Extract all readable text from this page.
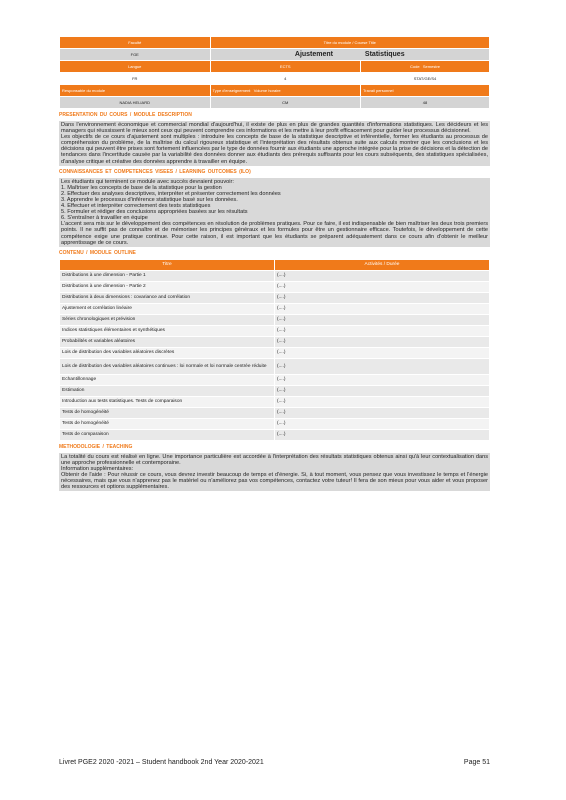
Faculté	Titre du module / Course Title	
FGE	Ajustement Statistiques	
Langue	ECTS	Code Semestre
FR	4	STAT/GE/S4
Responsable du module	Type d'enseignement Volume horaire	Travail personnel
NADIA HELIARD	CM	48
PRESENTATION DU COURS / MODULE DESCRIPTION

Dans l'environnement économique et commercial mondial d'aujourd'hui, il existe de plus en plus de grandes quantités d'informations statistiques. Les décideurs et les managers qui réussissent le mieux sont ceux qui peuvent comprendre ces informations et les mettre à leur profit efficacement pour guider leur processus décisionnel.

Les objectifs de ce cours d'ajustement sont multiples : introduire les concepts de base de la statistique descriptive et inférentielle, former les étudiants au processus de compréhension du problème, de la maîtrise du calcul rigoureux statistique et l'interprétation des résultats obtenus suite aux calculs montrer que les conclusions et les décisions qui peuvent être prises sont fortement influencées par le type de données fournir aux étudiants une approche intégrée pour la prise de décisions et la détection de tendances dans l'incertitude causée par la variabilité des données donner aux étudiants des prérequis suffisants pour les cours subséquents, des statistiques spécialisées, d'analyse critique et créative des données apprendre à travailler en équipe.

CONNAISSANCES ET COMPETENCES VISEES / LEARNING OUTCOMES (ILO)

Les étudiants qui terminent ce module avec succès devraient pouvoir:

1. Maîtriser les concepts de base de la statistique pour la gestion

2. Effectuer des analyses descriptives, interpréter et présenter correctement les données

3. Apprendre le processus d'inférence statistique basé sur les données.

4. Effectuer et interpréter correctement des tests statistiques

5. Formuler et rédiger des conclusions appropriées basées sur les résultats

6. S'entraîner à travailler en équipe

L'accent sera mis sur le développement des compétences en résolution de problèmes pratiques. Pour ce faire, il est indispensable de bien maîtriser les deux trois premiers points. Il ne suffit pas de connaître et de mémoriser les principes généraux et les formules pour être un gestionnaire efficace. Toutefois, le développement de cette compétence exige une pratique continue. Pour cette raison, il est important que les étudiants se préparent adéquatement dans ce cours afin d'obtenir le meilleur apprentissage de ce cours.

CONTENU / MODULE OUTLINE
Titre	Activités / Durée
Distributions à une dimension - Partie 1	(....)
Distributions à une dimension - Partie 2	(....)
Distributions à deux dimensions : covariance and corrélation	(....)
Ajustement et corrélation linéaire	(....)
Séries chronologiques et prévision	(....)
Indices statistiques élémentaires et synthétiques	(....)
Probabilités et variables aléatoires	(....)
Lois de distribution des variables aléatoires discrètes	(....)
Lois de distribution des variables aléatoires continues : loi normale et loi normale centrée réduite	(....)
Echantillonnage	(....)
Estimation	(....)
Introduction aux tests statistiques. Tests de comparaison	(....)
Tests de homogénéité	(....)
Tests de homogénéité	(....)
Tests de comparaison	(....)
METHODOLOGIE / TEACHING

La totalité du cours est réalisé en ligne. Une importance particulière est accordée à l'interprétation des résultats statistiques obtenus ainsi qu'à leur contextualisation dans une approche professionnelle et contemporaine.

Information supplémentaires:

Obtenir de l'aide : Pour réussir ce cours, vous devrez investir beaucoup de temps et d'énergie. Si, à tout moment, vous pensez que vous investissez le temps et l'énergie nécessaires, mais que vous n'apprenez pas le matériel ou n'améliorez pas vos compétences, contactez votre tuteur! Il fera de son mieux pour vous aider et vous proposer des ressources et options supplémentaires.

Livret PGE2 2020 -2021 – Student handbook 2nd Year 2020-2021	Page 51
